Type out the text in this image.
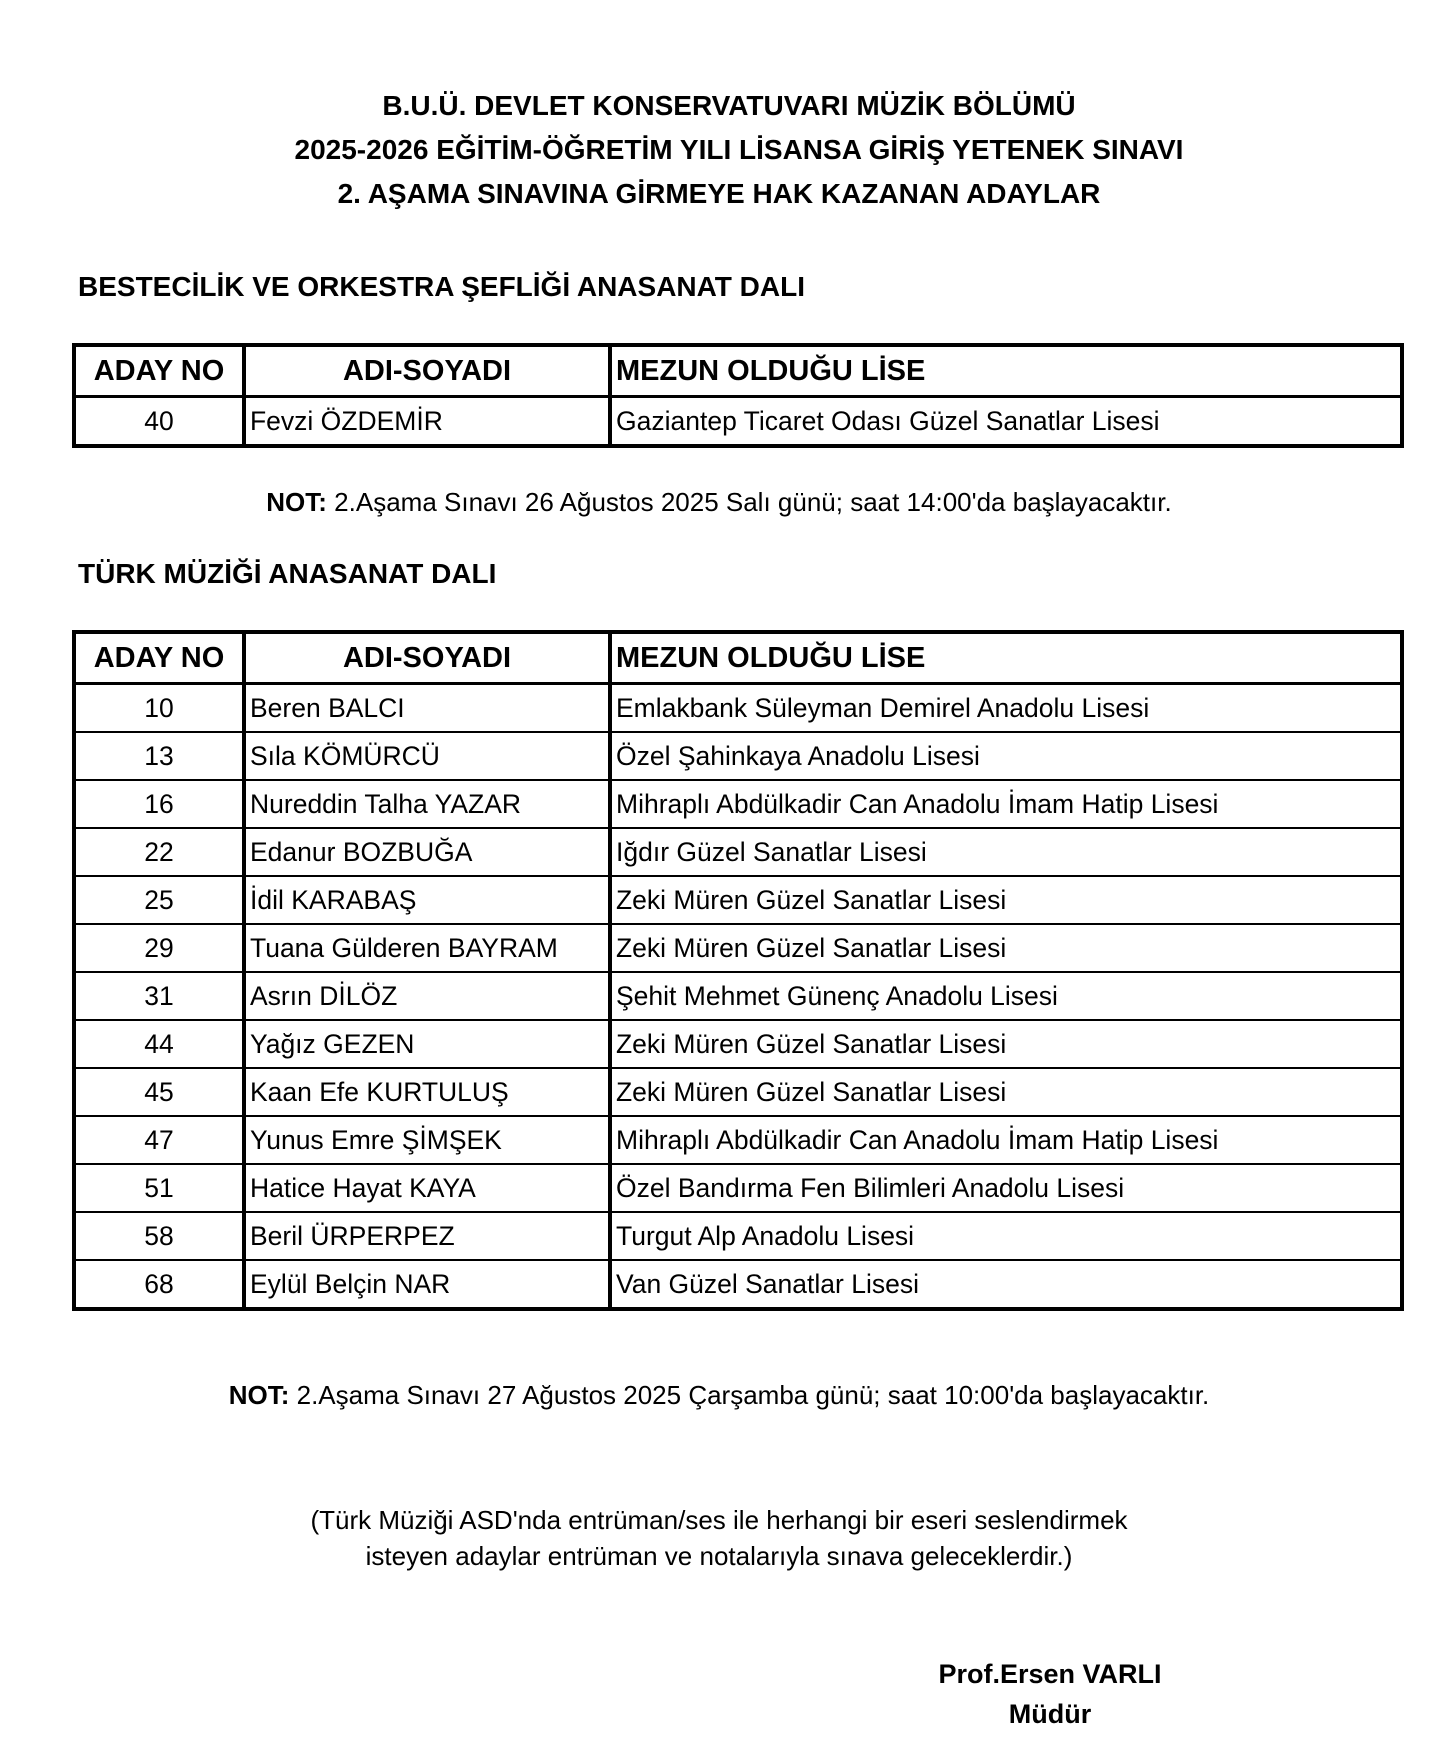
B.U.Ü. DEVLET KONSERVATUVARI MÜZİK BÖLÜMÜ
2025-2026 EĞİTİM-ÖĞRETİM YILI LİSANSA GİRİŞ YETENEK SINAVI
2. AŞAMA SINAVINA GİRMEYE HAK KAZANAN ADAYLAR
BESTECİLİK VE ORKESTRA ŞEFLİĞİ ANASANAT DALI
ADAY NO	ADI-SOYADI	MEZUN OLDUĞU LİSE
40	Fevzi ÖZDEMİR	Gaziantep Ticaret Odası Güzel Sanatlar Lisesi
NOT: 2.Aşama Sınavı 26 Ağustos 2025 Salı günü; saat 14:00'da başlayacaktır.
TÜRK MÜZİĞİ ANASANAT DALI
ADAY NO	ADI-SOYADI	MEZUN OLDUĞU LİSE
10	Beren BALCI	Emlakbank Süleyman Demirel Anadolu Lisesi
13	Sıla KÖMÜRCÜ	Özel Şahinkaya Anadolu Lisesi
16	Nureddin Talha YAZAR	Mihraplı Abdülkadir Can Anadolu İmam Hatip Lisesi
22	Edanur BOZBUĞA	Iğdır Güzel Sanatlar Lisesi
25	İdil KARABAŞ	Zeki Müren Güzel Sanatlar Lisesi
29	Tuana Gülderen BAYRAM	Zeki Müren Güzel Sanatlar Lisesi
31	Asrın DİLÖZ	Şehit Mehmet Günenç Anadolu Lisesi
44	Yağız GEZEN	Zeki Müren Güzel Sanatlar Lisesi
45	Kaan Efe KURTULUŞ	Zeki Müren Güzel Sanatlar Lisesi
47	Yunus Emre ŞİMŞEK	Mihraplı Abdülkadir Can Anadolu İmam Hatip Lisesi
51	Hatice Hayat KAYA	Özel Bandırma Fen Bilimleri Anadolu Lisesi
58	Beril ÜRPERPEZ	Turgut Alp Anadolu Lisesi
68	Eylül Belçin NAR	Van Güzel Sanatlar Lisesi
NOT: 2.Aşama Sınavı 27 Ağustos 2025 Çarşamba günü; saat 10:00'da başlayacaktır.
(Türk Müziği ASD'nda entrüman/ses ile herhangi bir eseri seslendirmek
isteyen adaylar entrüman ve notalarıyla sınava geleceklerdir.)
Prof.Ersen VARLI
Müdür
